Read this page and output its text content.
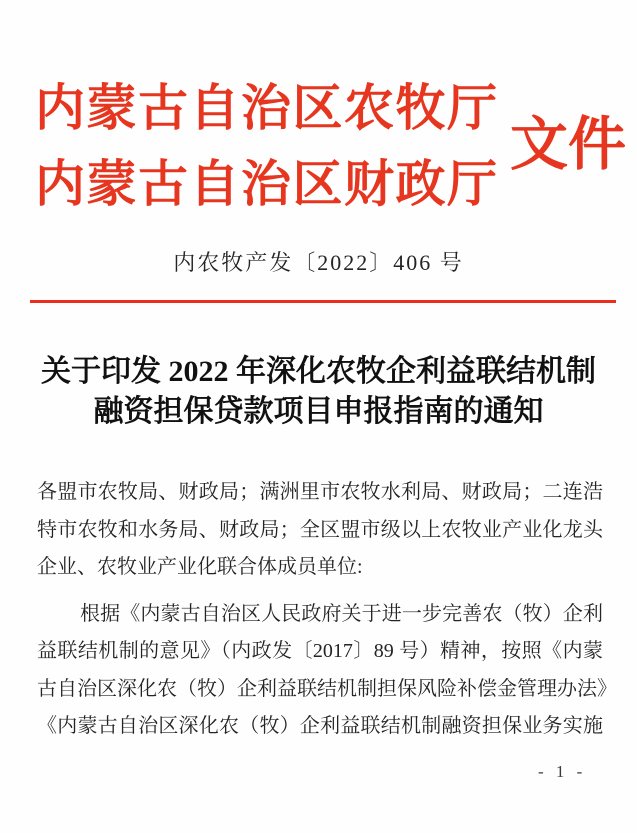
内蒙古自治区农牧厅
内蒙古自治区财政厅
文件
内农牧产发〔2022〕406 号
关于印发 2022 年深化农牧企利益联结机制
融资担保贷款项目申报指南的通知
各盟市农牧局、财政局；满洲里市农牧水利局、财政局；二连浩
特市农牧和水务局、财政局；全区盟市级以上农牧业产业化龙头
企业、农牧业产业化联合体成员单位:
根据《内蒙古自治区人民政府关于进一步完善农（牧）企利
益联结机制的意见》（内政发〔2017〕89 号）精神，按照《内蒙
古自治区深化农（牧）企利益联结机制担保风险补偿金管理办法》
《内蒙古自治区深化农（牧）企利益联结机制融资担保业务实施
- 1 -
